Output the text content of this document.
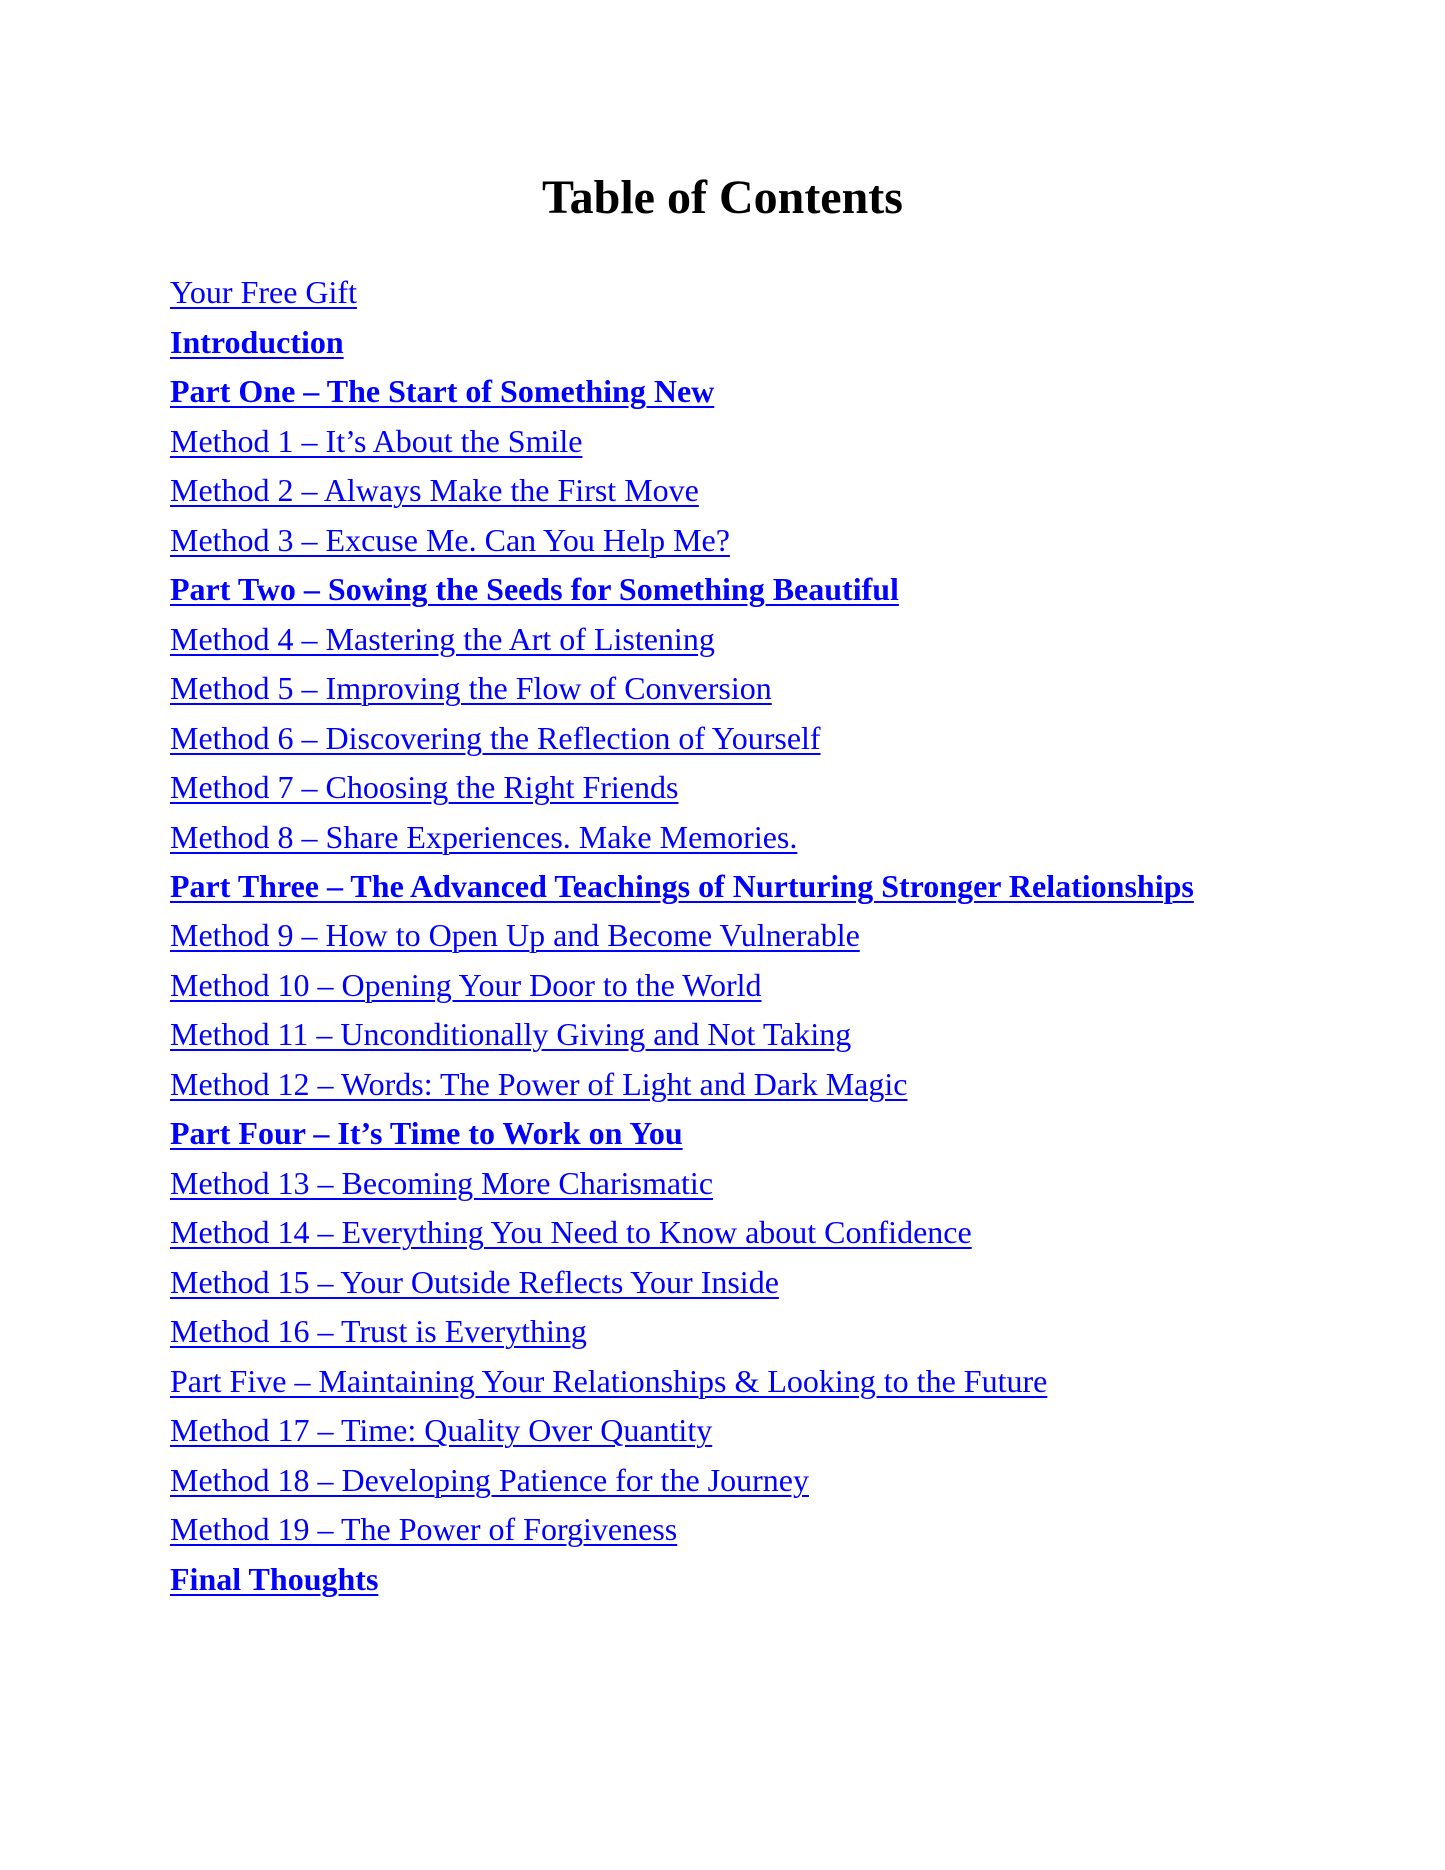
Table of Contents
Your Free Gift
Introduction
Part One – The Start of Something New
Method 1 – It’s About the Smile
Method 2 – Always Make the First Move
Method 3 – Excuse Me. Can You Help Me?
Part Two – Sowing the Seeds for Something Beautiful
Method 4 – Mastering the Art of Listening
Method 5 – Improving the Flow of Conversion
Method 6 – Discovering the Reflection of Yourself
Method 7 – Choosing the Right Friends
Method 8 – Share Experiences. Make Memories.
Part Three – The Advanced Teachings of Nurturing Stronger Relationships
Method 9 – How to Open Up and Become Vulnerable
Method 10 – Opening Your Door to the World
Method 11 – Unconditionally Giving and Not Taking
Method 12 – Words: The Power of Light and Dark Magic
Part Four – It’s Time to Work on You
Method 13 – Becoming More Charismatic
Method 14 – Everything You Need to Know about Confidence
Method 15 – Your Outside Reflects Your Inside
Method 16 – Trust is Everything
Part Five – Maintaining Your Relationships & Looking to the Future
Method 17 – Time: Quality Over Quantity
Method 18 – Developing Patience for the Journey
Method 19 – The Power of Forgiveness
Final Thoughts
